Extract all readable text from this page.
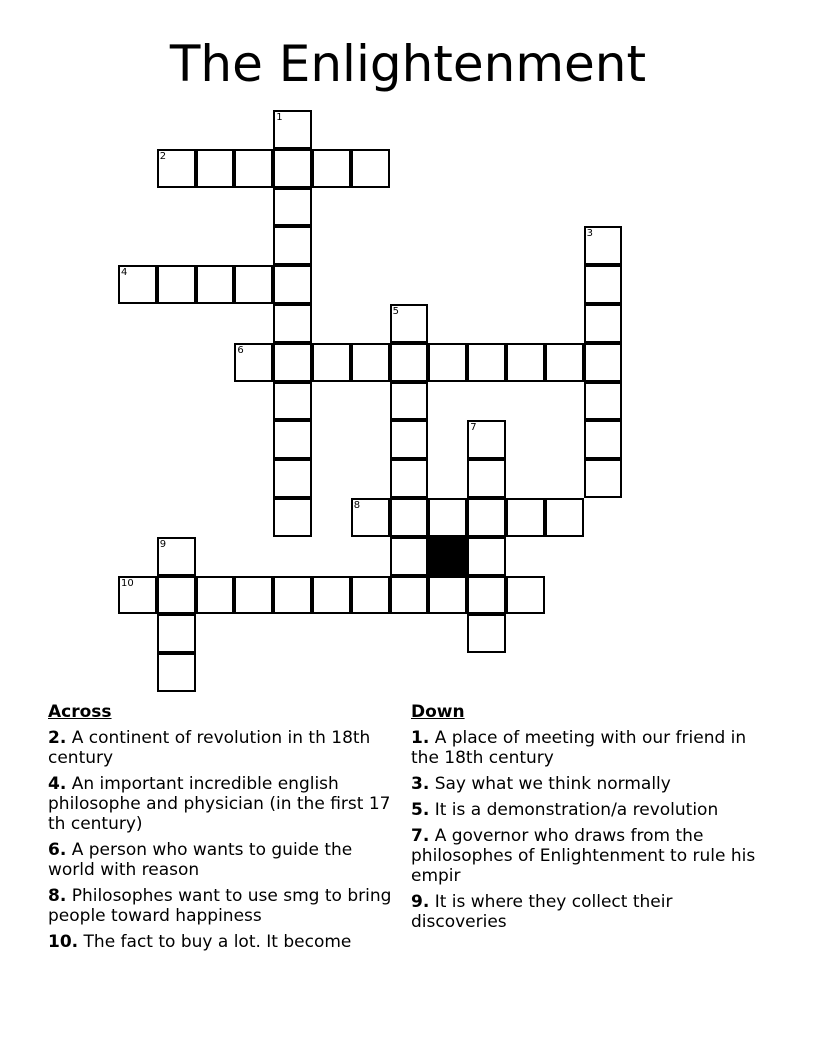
The Enlightenment
1
2
3
4
5
6
7
8
9
10
Across
2. A continent of revolution in th 18th century
4. An important incredible english philosophe and physician (in the first 17 th century)
6. A person who wants to guide the world with reason
8. Philosophes want to use smg to bring people toward happiness
10. The fact to buy a lot. It become
Down
1. A place of meeting with our friend in the 18th century
3. Say what we think normally
5. It is a demonstration/a revolution
7. A governor who draws from the philosophes of Enlightenment to rule his empir
9. It is where they collect their discoveries
